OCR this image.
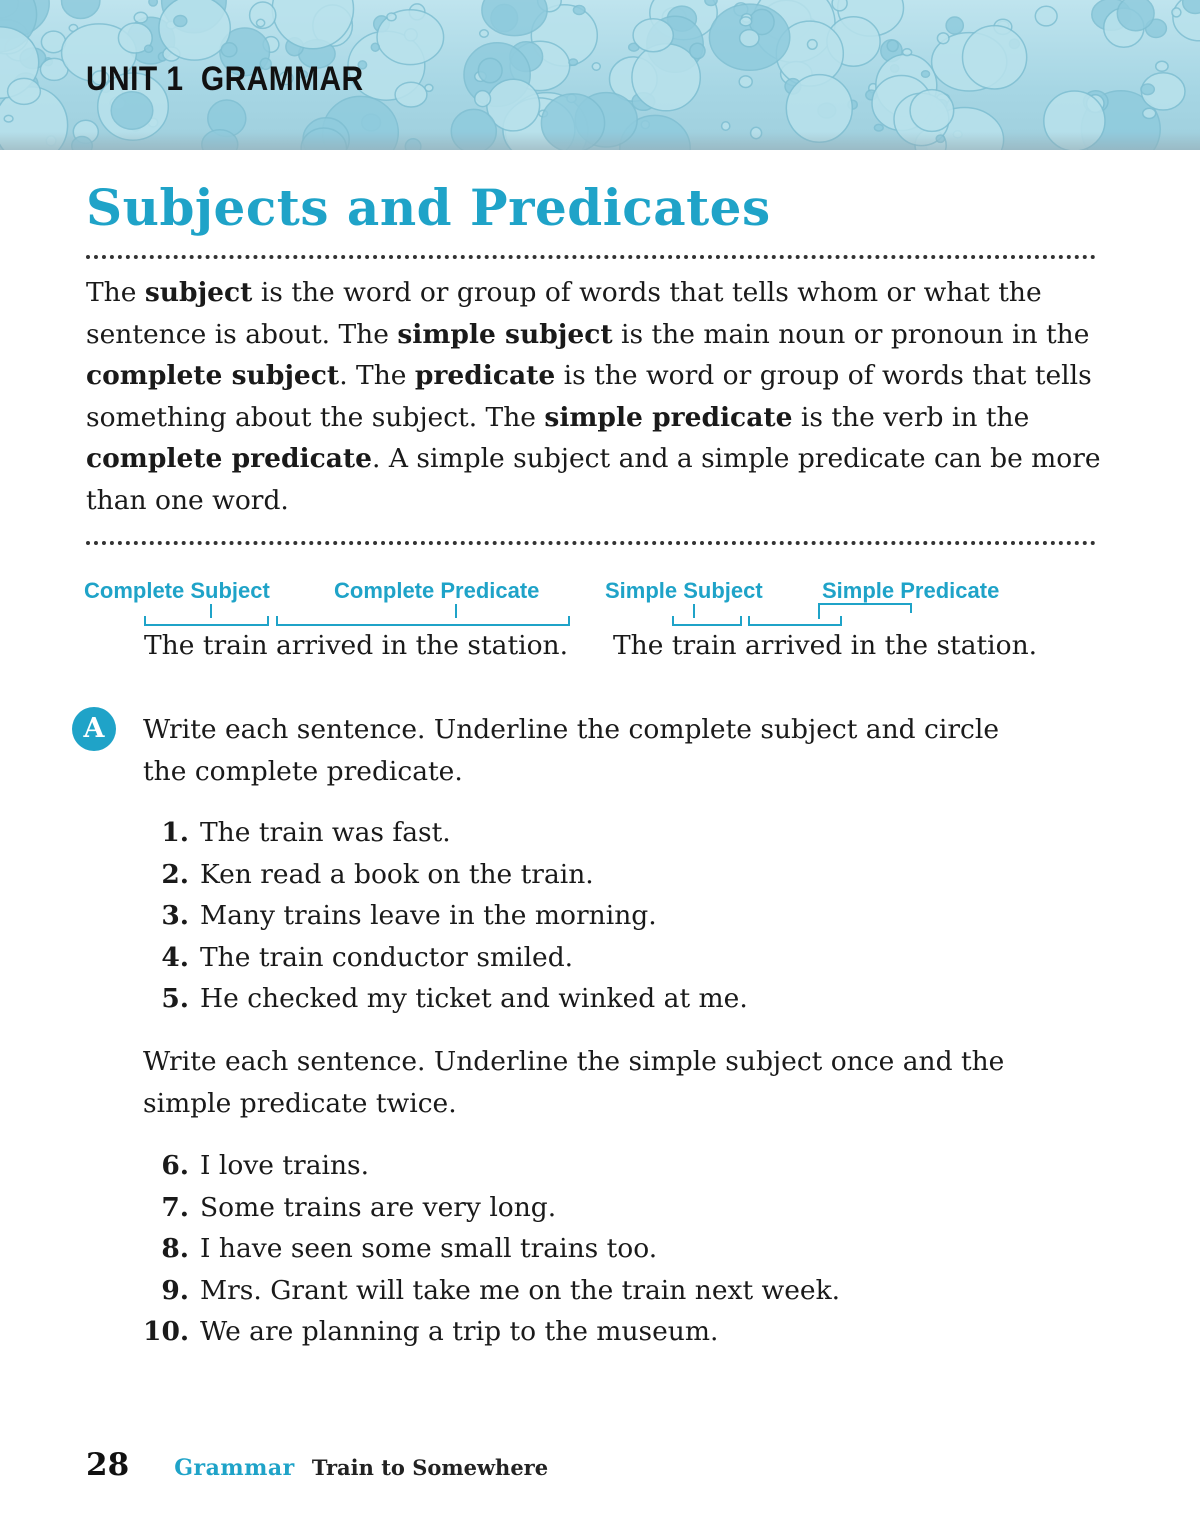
UNIT 1 GRAMMAR
Subjects and Predicates

The subject is the word or group of words that tells whom or what the sentence is about. The simple subject is the main noun or pronoun in the complete subject. The predicate is the word or group of words that tells something about the subject. The simple predicate is the verb in the complete predicate. A simple subject and a simple predicate can be more than one word.

Complete Subject	Complete Predicate
The train arrived in the station.
Simple Subject	Simple Predicate
The train arrived in the station.
A	Write each sentence. Underline the complete subject and circle the complete predicate.

1. The train was fast.
2. Ken read a book on the train.
3. Many trains leave in the morning.
4. The train conductor smiled.
5. He checked my ticket and winked at me.

Write each sentence. Underline the simple subject once and the simple predicate twice.

6. I love trains.
7. Some trains are very long.
8. I have seen some small trains too.
9. Mrs. Grant will take me on the train next week.
10. We are planning a trip to the museum.
28 Grammar Train to Somewhere
